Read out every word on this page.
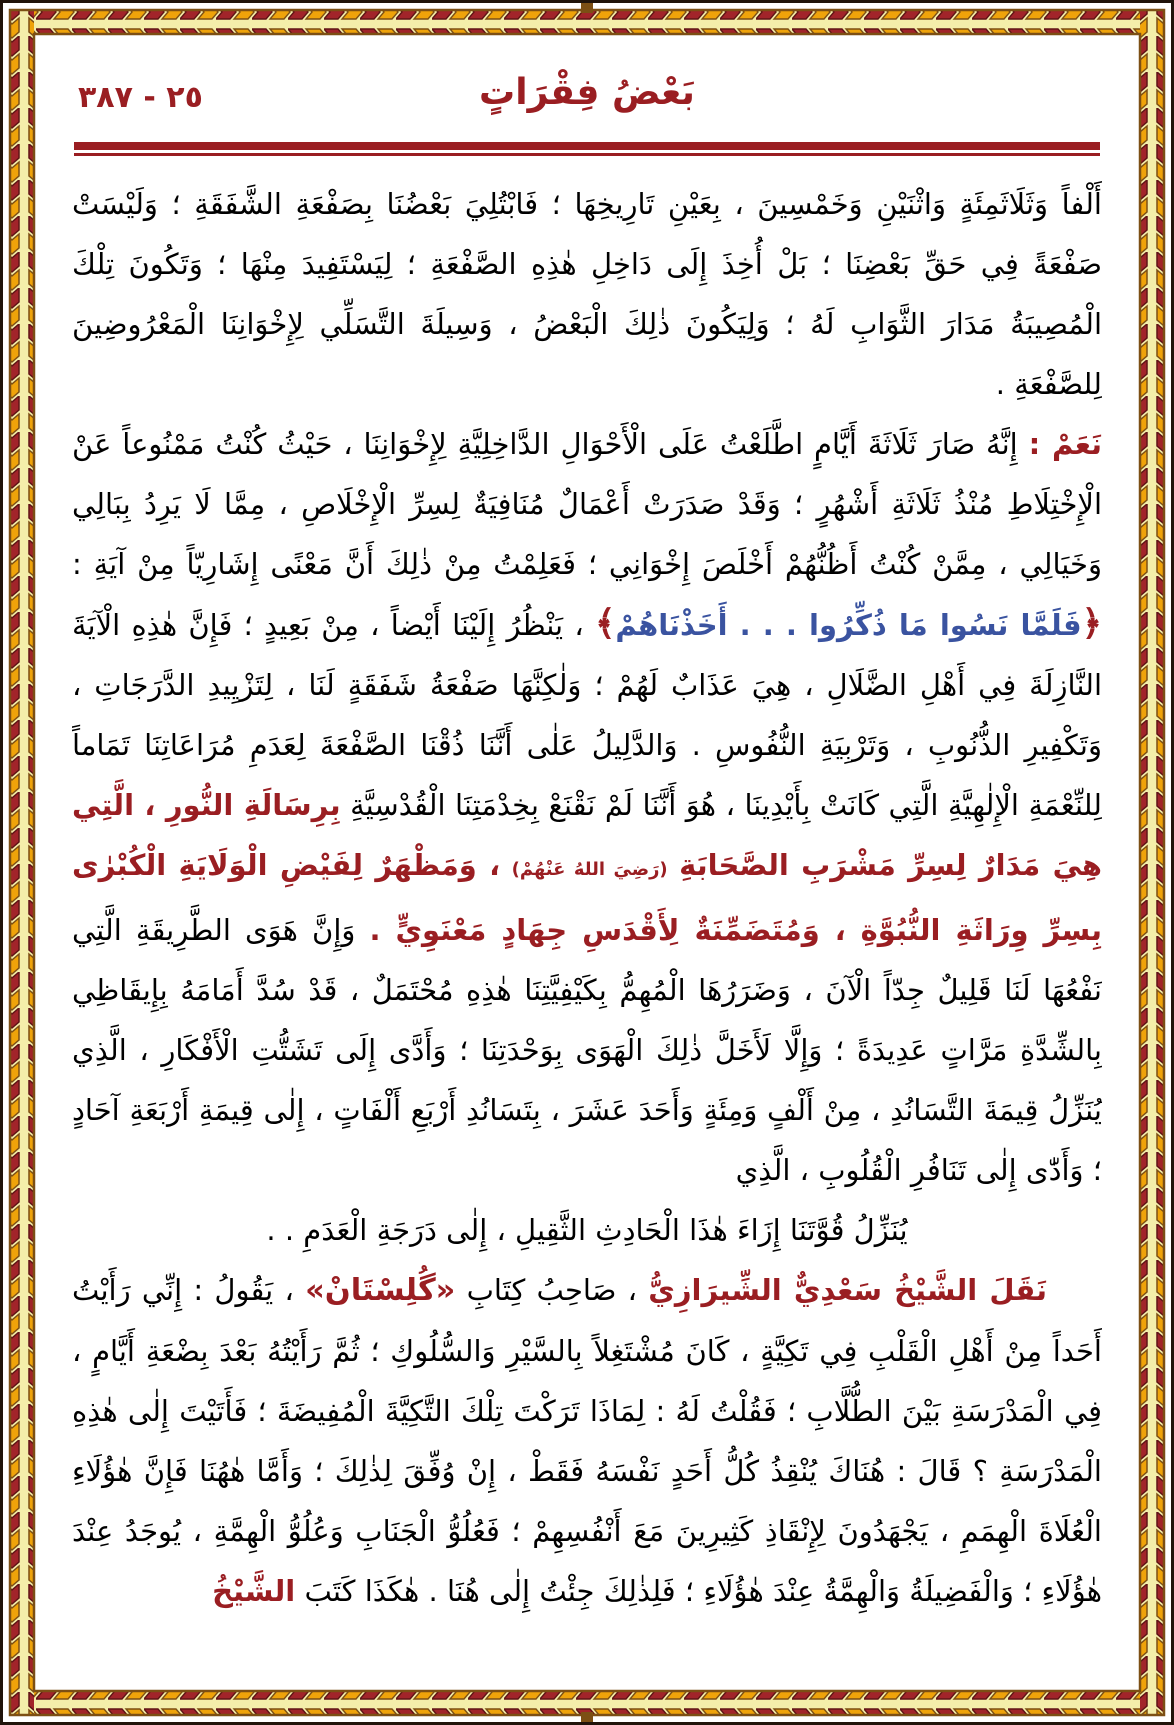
٢٥ - ٣٨٧	بَعْضُ فِقْرَاتٍ

أَلْفاً وَثَلَاثَمِئَةٍ وَاثْنَيْنِ وَخَمْسِينَ ، بِعَيْنِ تَارِيخِهَا ؛ فَابْتُلِيَ بَعْضُنَا بِصَفْعَةِ الشَّفَقَةِ ؛ وَلَيْسَتْ صَفْعَةً فِي حَقِّ بَعْضِنَا ؛ بَلْ أُخِذَ إِلَى دَاخِلِ هٰذِهِ الصَّفْعَةِ ؛ لِيَسْتَفِيدَ مِنْهَا ؛ وَتَكُونَ تِلْكَ الْمُصِيبَةُ مَدَارَ الثَّوَابِ لَهُ ؛ وَلِيَكُونَ ذٰلِكَ الْبَعْضُ ، وَسِيلَةَ التَّسَلِّي لِإِخْوَانِنَا الْمَعْرُوضِينَ لِلصَّفْعَةِ .

نَعَمْ : إِنَّهُ صَارَ ثَلَاثَةَ أَيَّامٍ اطَّلَعْتُ عَلَى الْأَحْوَالِ الدَّاخِلِيَّةِ لِإِخْوَانِنَا ، حَيْثُ كُنْتُ مَمْنُوعاً عَنْ الْإِخْتِلَاطِ مُنْذُ ثَلَاثَةِ أَشْهُرٍ ؛ وَقَدْ صَدَرَتْ أَعْمَالٌ مُنَافِيَةٌ لِسِرِّ الْإِخْلَاصِ ، مِمَّا لَا يَرِدُ بِبَالِي وَخَيَالِي ، مِمَّنْ كُنْتُ أَظُنُّهُمْ أَخْلَصَ إِخْوَانِي ؛ فَعَلِمْتُ مِنْ ذٰلِكَ أَنَّ مَعْنًى إِشَارِيّاً مِنْ آيَةِ : ﴿فَلَمَّا نَسُوا مَا ذُكِّرُوا . . . أَخَذْنَاهُمْ﴾ ، يَنْظُرُ إِلَيْنَا أَيْضاً ، مِنْ بَعِيدٍ ؛ فَإِنَّ هٰذِهِ الْآيَةَ النَّازِلَةَ فِي أَهْلِ الضَّلَالِ ، هِيَ عَذَابٌ لَهُمْ ؛ وَلٰكِنَّهَا صَفْعَةُ شَفَقَةٍ لَنَا ، لِتَزْيِيدِ الدَّرَجَاتِ ، وَتَكْفِيرِ الذُّنُوبِ ، وَتَرْبِيَةِ النُّفُوسِ . وَالدَّلِيلُ عَلٰى أَنَّنَا ذُقْنَا الصَّفْعَةَ لِعَدَمِ مُرَاعَاتِنَا تَمَاماً لِلنِّعْمَةِ الْإِلٰهِيَّةِ الَّتِي كَانَتْ بِأَيْدِينَا ، هُوَ أَنَّنَا لَمْ نَقْنَعْ بِخِدْمَتِنَا الْقُدْسِيَّةِ بِرِسَالَةِ النُّورِ ، الَّتِي هِيَ مَدَارٌ لِسِرِّ مَشْرَبِ الصَّحَابَةِ (رَضِيَ اللهُ عَنْهُمْ) ، وَمَظْهَرٌ لِفَيْضِ الْوَلَايَةِ الْكُبْرٰى بِسِرِّ وِرَاثَةِ النُّبُوَّةِ ، وَمُتَضَمِّنَةٌ لِأَقْدَسِ جِهَادٍ مَعْنَوِيٍّ . وَإِنَّ هَوَى الطَّرِيقَةِ الَّتِي نَفْعُهَا لَنَا قَلِيلٌ جِدّاً الْآنَ ، وَضَرَرُهَا الْمُهِمُّ بِكَيْفِيَّتِنَا هٰذِهِ مُحْتَمَلٌ ، قَدْ سُدَّ أَمَامَهُ بِإِيقَاظِي بِالشِّدَّةِ مَرَّاتٍ عَدِيدَةً ؛ وَإِلَّا لَأَخَلَّ ذٰلِكَ الْهَوَى بِوَحْدَتِنَا ؛ وَأَدَّى إِلَى تَشَتُّتِ الْأَفْكَارِ ، الَّذِي يُنَزِّلُ قِيمَةَ التَّسَانُدِ ، مِنْ أَلْفٍ وَمِئَةٍ وَأَحَدَ عَشَرَ ، بِتَسَانُدِ أَرْبَعِ أَلْفَاتٍ ، إِلٰى قِيمَةِ أَرْبَعَةِ آحَادٍ ؛ وَأَدّٰى إِلٰى تَنَافُرِ الْقُلُوبِ ، الَّذِي

يُنَزِّلُ قُوَّتَنَا إِزَاءَ هٰذَا الْحَادِثِ الثَّقِيلِ ، إِلٰى دَرَجَةِ الْعَدَمِ . .

نَقَلَ الشَّيْخُ سَعْدِيٌّ الشِّيرَازِيُّ ، صَاحِبُ كِتَابِ «گُلِسْتَانْ» ، يَقُولُ : إِنِّي رَأَيْتُ أَحَداً مِنْ أَهْلِ الْقَلْبِ فِي تَكِيَّةٍ ، كَانَ مُشْتَغِلاً بِالسَّيْرِ وَالسُّلُوكِ ؛ ثُمَّ رَأَيْتُهُ بَعْدَ بِضْعَةِ أَيَّامٍ ، فِي الْمَدْرَسَةِ بَيْنَ الطُّلَّابِ ؛ فَقُلْتُ لَهُ : لِمَاذَا تَرَكْتَ تِلْكَ التَّكِيَّةَ الْمُفِيضَةَ ؛ فَأَتَيْتَ إِلٰى هٰذِهِ الْمَدْرَسَةِ ؟ قَالَ : هُنَاكَ يُنْقِذُ كُلُّ أَحَدٍ نَفْسَهُ فَقَطْ ، إِنْ وُفِّقَ لِذٰلِكَ ؛ وَأَمَّا هٰهُنَا فَإِنَّ هٰؤُلَاءِ الْعُلَاةَ الْهِمَمِ ، يَجْهَدُونَ لِإِنْقَاذِ كَثِيرِينَ مَعَ أَنْفُسِهِمْ ؛ فَعُلُوُّ الْجَنَابِ وَعُلُوُّ الْهِمَّةِ ، يُوجَدُ عِنْدَ هٰؤُلَاءِ ؛ وَالْفَضِيلَةُ وَالْهِمَّةُ عِنْدَ هٰؤُلَاءِ ؛ فَلِذٰلِكَ جِئْتُ إِلٰى هُنَا . هٰكَذَا كَتَبَ الشَّيْخُ
